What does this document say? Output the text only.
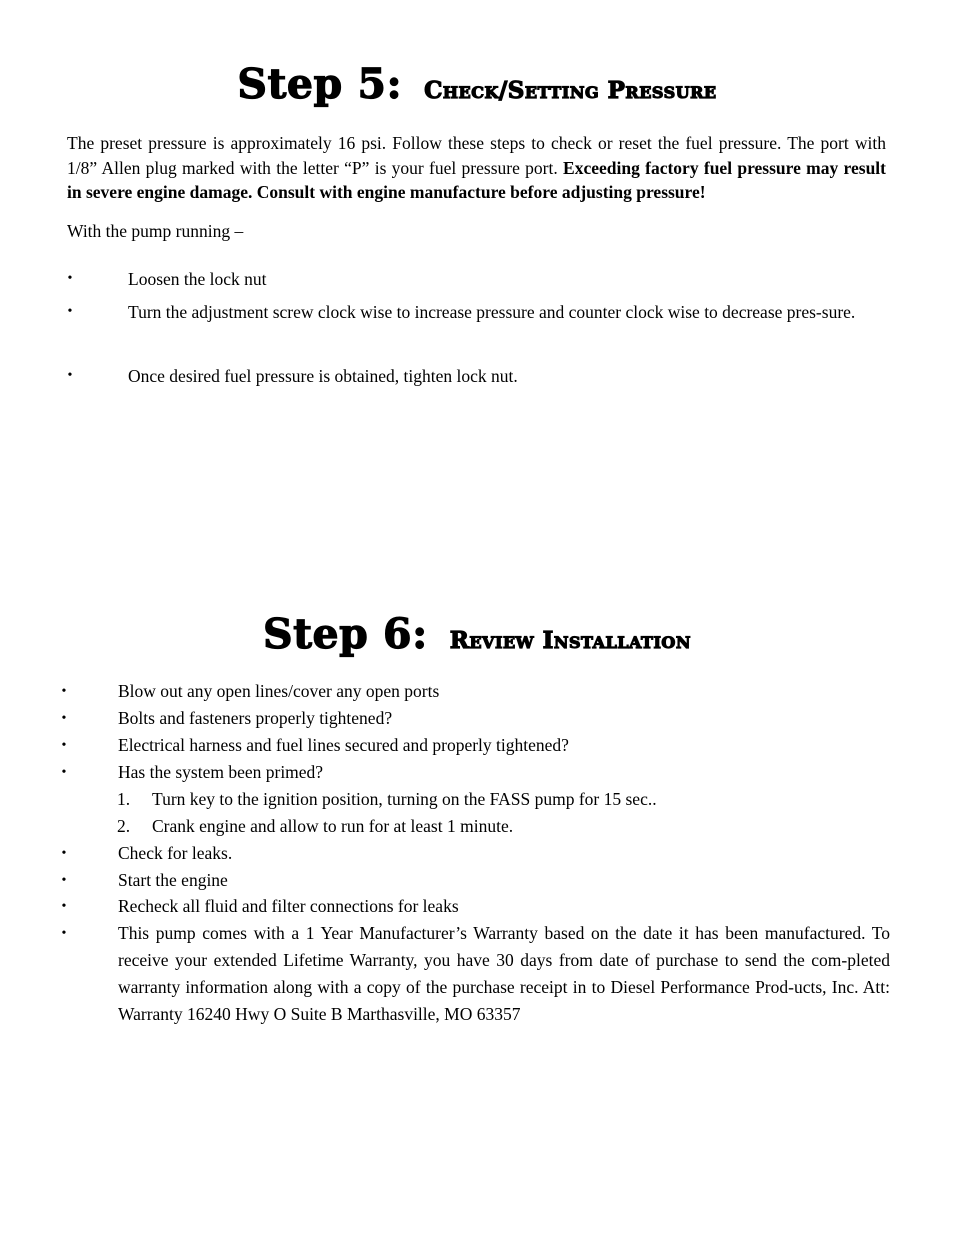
Step 5: Check/Setting Pressure

The preset pressure is approximately 16 psi. Follow these steps to check or reset the fuel pressure. The port with 1/8” Allen plug marked with the letter “P” is your fuel pressure port. Exceeding factory fuel pressure may result in severe engine damage. Consult with engine manufacture before adjusting pressure!

With the pump running –

•	Loosen the lock nut
•	Turn the adjustment screw clock wise to increase pressure and counter clock wise to decrease pres-sure.
•	Once desired fuel pressure is obtained, tighten lock nut.
Step 6: Review Installation
•	Blow out any open lines/cover any open ports
•	Bolts and fasteners properly tightened?
•	Electrical harness and fuel lines secured and properly tightened?
•	Has the system been primed?
1. Turn key to the ignition position, turning on the FASS pump for 15 sec..
2. Crank engine and allow to run for at least 1 minute.
•	Check for leaks.
•	Start the engine
•	Recheck all fluid and filter connections for leaks
•	This pump comes with a 1 Year Manufacturer’s Warranty based on the date it has been manufactured. To receive your extended Lifetime Warranty, you have 30 days from date of purchase to send the com-pleted warranty information along with a copy of the purchase receipt in to Diesel Performance Prod-ucts, Inc. Att: Warranty 16240 Hwy O Suite B Marthasville, MO 63357
